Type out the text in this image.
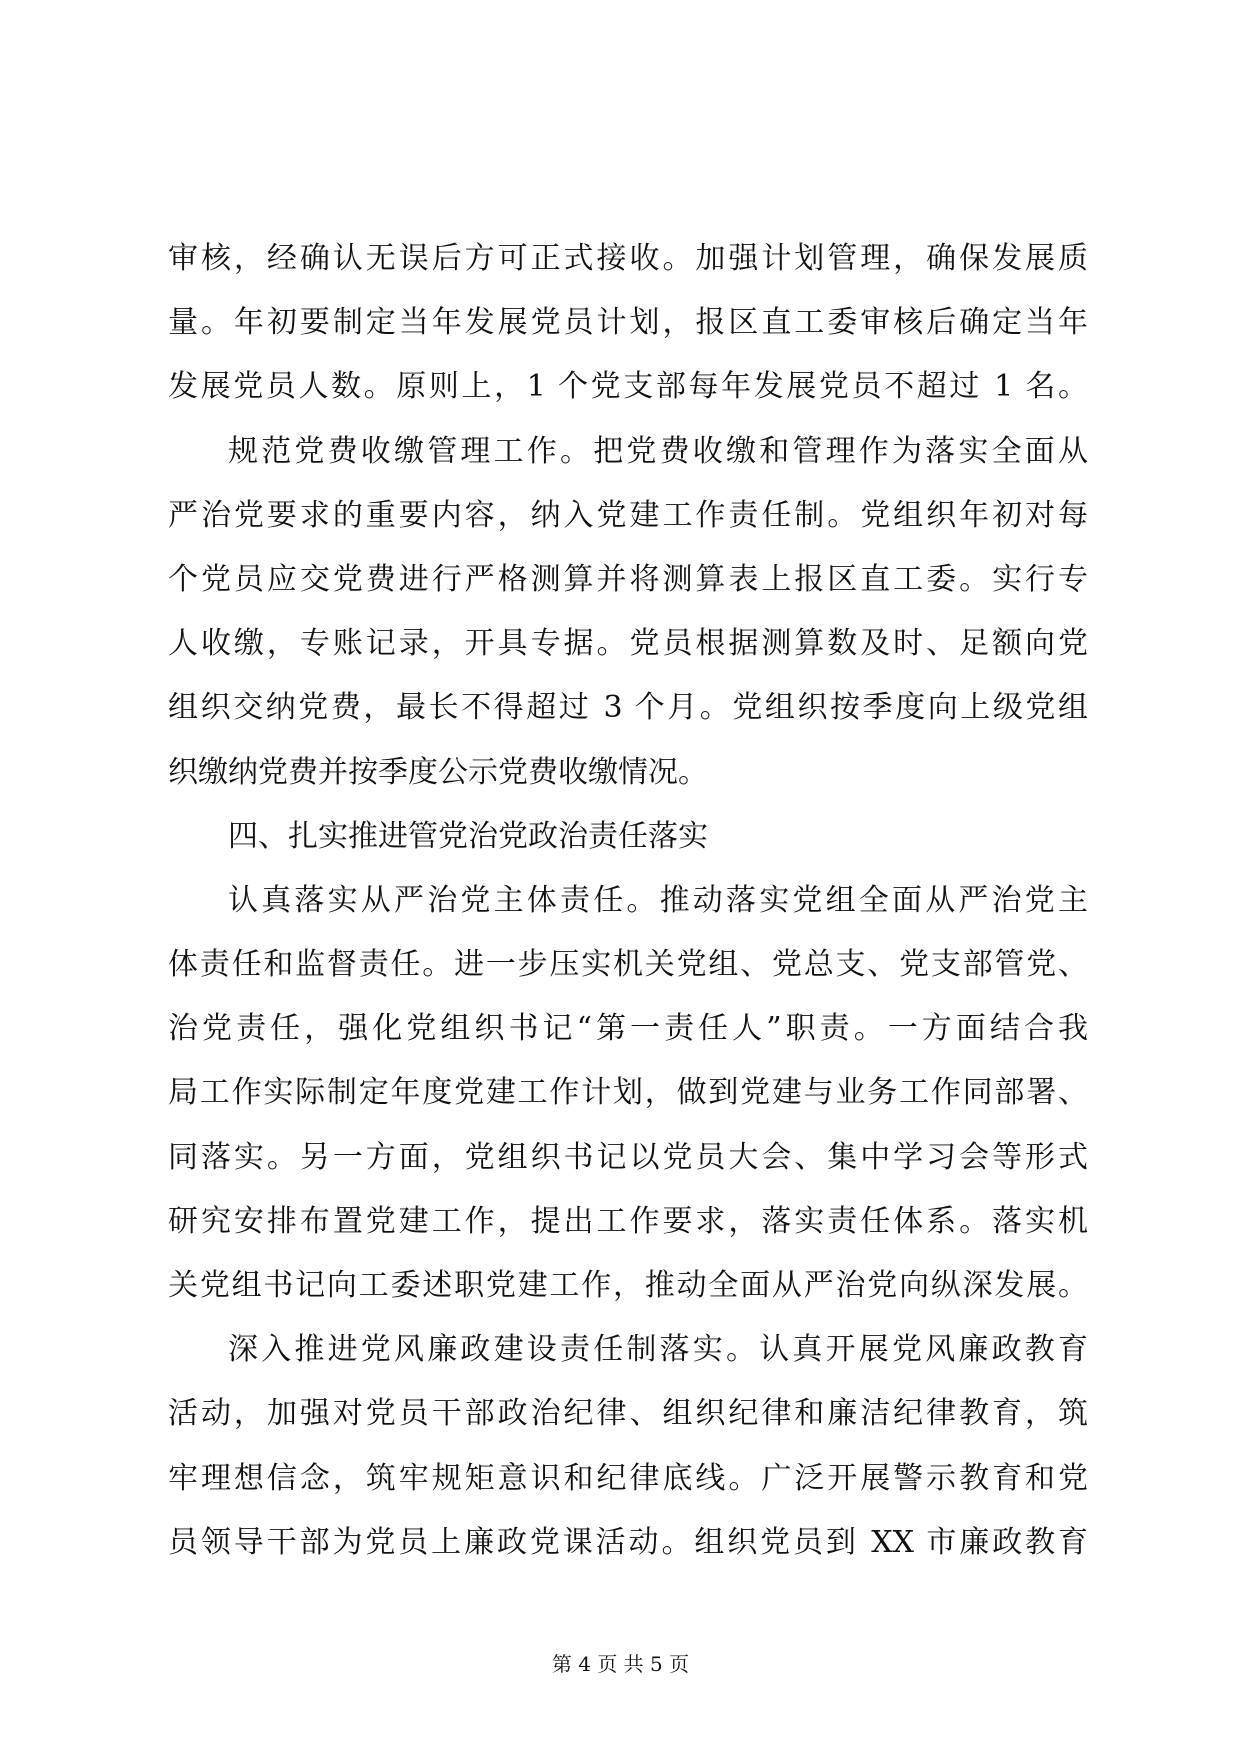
审核，经确认无误后方可正式接收。加强计划管理，确保发展质
量。年初要制定当年发展党员计划，报区直工委审核后确定当年
发展党员人数。原则上，1 个党支部每年发展党员不超过 1 名。
规范党费收缴管理工作。把党费收缴和管理作为落实全面从
严治党要求的重要内容，纳入党建工作责任制。党组织年初对每
个党员应交党费进行严格测算并将测算表上报区直工委。实行专
人收缴，专账记录，开具专据。党员根据测算数及时、足额向党
组织交纳党费，最长不得超过 3 个月。党组织按季度向上级党组
织缴纳党费并按季度公示党费收缴情况。
四、扎实推进管党治党政治责任落实
认真落实从严治党主体责任。推动落实党组全面从严治党主
体责任和监督责任。进一步压实机关党组、党总支、党支部管党、
治党责任，强化党组织书记“第一责任人”职责。一方面结合我
局工作实际制定年度党建工作计划，做到党建与业务工作同部署、
同落实。另一方面，党组织书记以党员大会、集中学习会等形式
研究安排布置党建工作，提出工作要求，落实责任体系。落实机
关党组书记向工委述职党建工作，推动全面从严治党向纵深发展。
深入推进党风廉政建设责任制落实。认真开展党风廉政教育
活动，加强对党员干部政治纪律、组织纪律和廉洁纪律教育，筑
牢理想信念，筑牢规矩意识和纪律底线。广泛开展警示教育和党
员领导干部为党员上廉政党课活动。组织党员到 XX 市廉政教育
第 4 页 共 5 页
